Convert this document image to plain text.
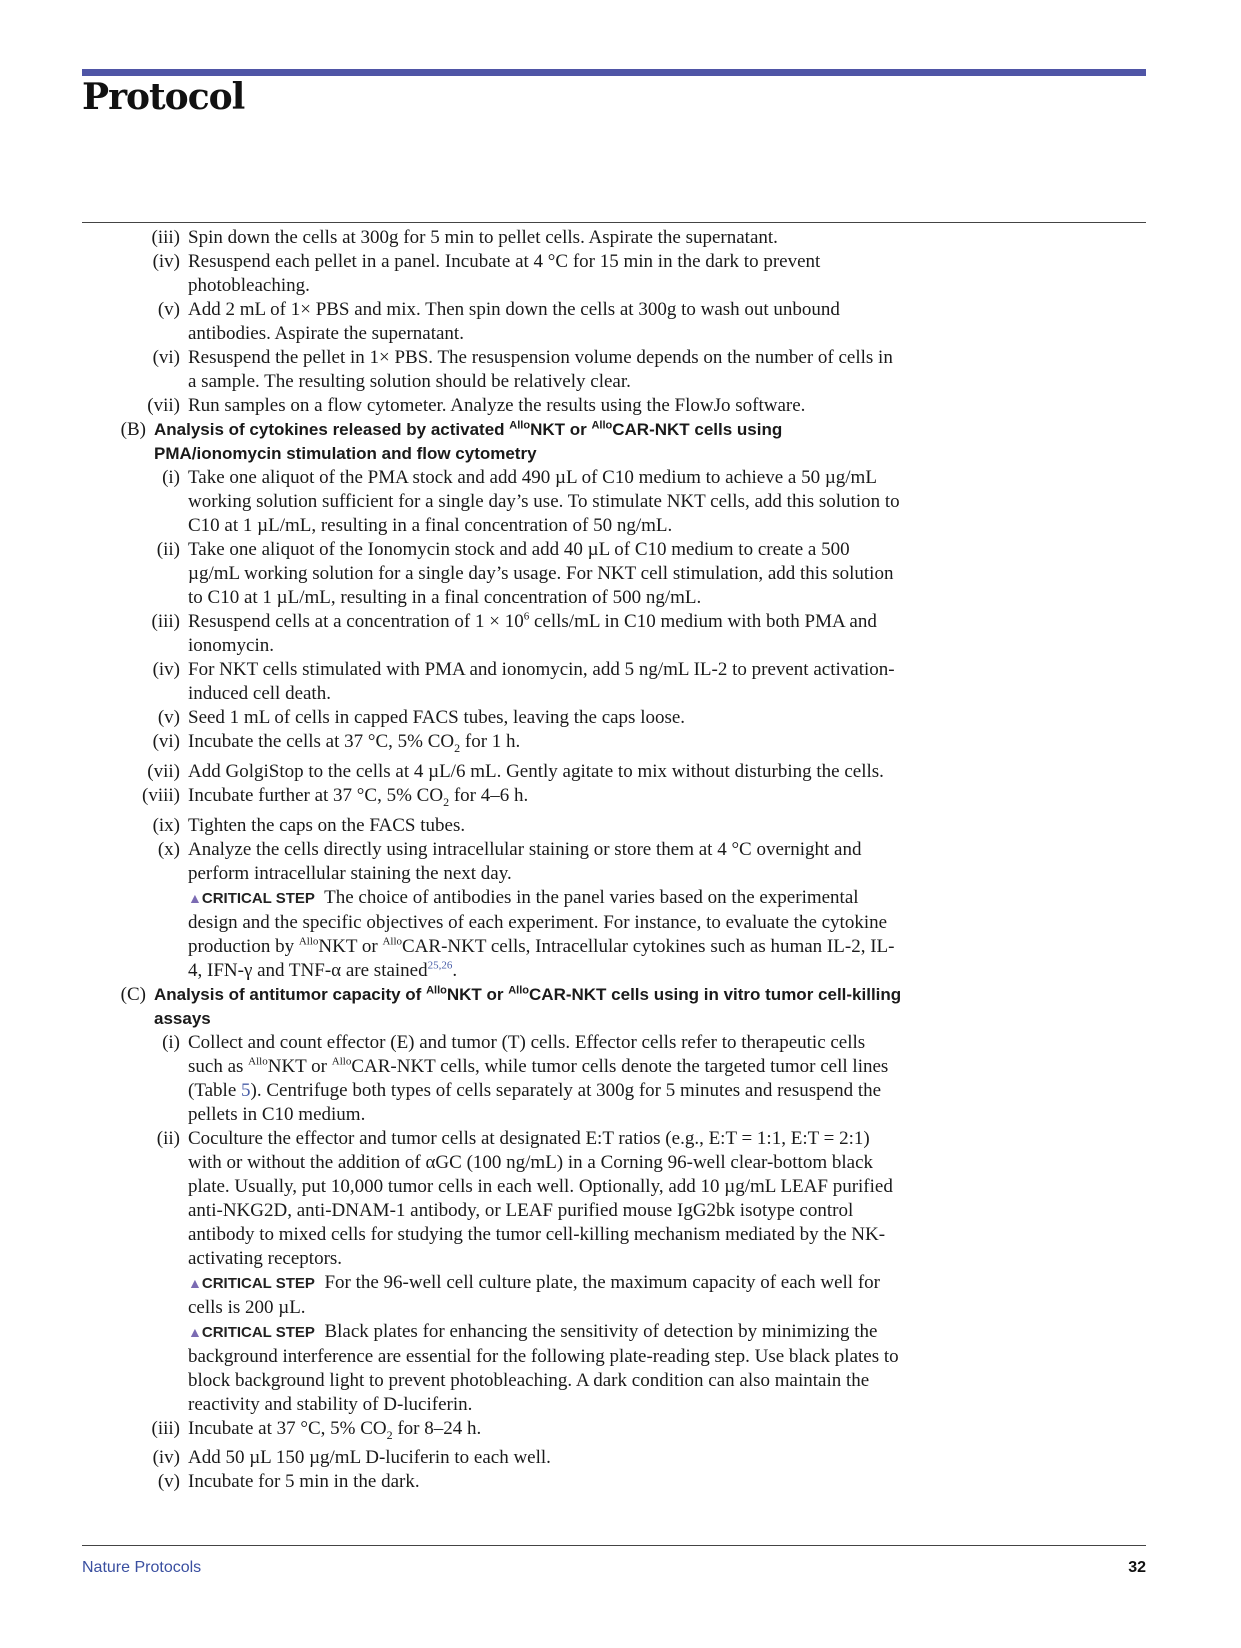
Protocol
(iii) Spin down the cells at 300g for 5 min to pellet cells. Aspirate the supernatant.
(iv) Resuspend each pellet in a panel. Incubate at 4 °C for 15 min in the dark to prevent photobleaching.
(v) Add 2 mL of 1× PBS and mix. Then spin down the cells at 300g to wash out unbound antibodies. Aspirate the supernatant.
(vi) Resuspend the pellet in 1× PBS. The resuspension volume depends on the number of cells in a sample. The resulting solution should be relatively clear.
(vii) Run samples on a flow cytometer. Analyze the results using the FlowJo software.
(B) Analysis of cytokines released by activated $^{Allo}$NKT or $^{Allo}$CAR-NKT cells using PMA/ionomycin stimulation and flow cytometry
(i) Take one aliquot of the PMA stock and add 490 µL of C10 medium to achieve a 50 µg/mL working solution sufficient for a single day’s use. To stimulate NKT cells, add this solution to C10 at 1 µL/mL, resulting in a final concentration of 50 ng/mL.
(ii) Take one aliquot of the Ionomycin stock and add 40 µL of C10 medium to create a 500 µg/mL working solution for a single day’s usage. For NKT cell stimulation, add this solution to C10 at 1 µL/mL, resulting in a final concentration of 500 ng/mL.
(iii) Resuspend cells at a concentration of $1 \times 10^6$ cells/mL in C10 medium with both PMA and ionomycin.
(iv) For NKT cells stimulated with PMA and ionomycin, add 5 ng/mL IL-2 to prevent activation-induced cell death.
(v) Seed 1 mL of cells in capped FACS tubes, leaving the caps loose.
(vi) Incubate the cells at 37 °C, 5% $CO_2$ for 1 h.
(vii) Add GolgiStop to the cells at 4 µL/6 mL. Gently agitate to mix without disturbing the cells.
(viii) Incubate further at 37 °C, 5% $CO_2$ for 4–6 h.
(ix) Tighten the caps on the FACS tubes.
(x) Analyze the cells directly using intracellular staining or store them at 4 °C overnight and perform intracellular staining the next day.
▲CRITICAL STEP The choice of antibodies in the panel varies based on the experimental design and the specific objectives of each experiment. For instance, to evaluate the cytokine production by $^{Allo}$NKT or $^{Allo}$CAR-NKT cells, Intracellular cytokines such as human IL-2, IL-4, IFN-γ and TNF-α are stained$^{25,26}$.
(C) Analysis of antitumor capacity of $^{Allo}$NKT or $^{Allo}$CAR-NKT cells using in vitro tumor cell-killing assays
(i) Collect and count effector (E) and tumor (T) cells. Effector cells refer to therapeutic cells such as $^{Allo}$NKT or $^{Allo}$CAR-NKT cells, while tumor cells denote the targeted tumor cell lines (Table 5). Centrifuge both types of cells separately at 300g for 5 minutes and resuspend the pellets in C10 medium.
(ii) Coculture the effector and tumor cells at designated E:T ratios (e.g., E:T = 1:1, E:T = 2:1) with or without the addition of αGC (100 ng/mL) in a Corning 96-well clear-bottom black plate. Usually, put 10,000 tumor cells in each well. Optionally, add 10 µg/mL LEAF purified anti-NKG2D, anti-DNAM-1 antibody, or LEAF purified mouse IgG2bk isotype control antibody to mixed cells for studying the tumor cell-killing mechanism mediated by the NK-activating receptors.
▲CRITICAL STEP For the 96-well cell culture plate, the maximum capacity of each well for cells is 200 µL.
▲CRITICAL STEP Black plates for enhancing the sensitivity of detection by minimizing the background interference are essential for the following plate-reading step. Use black plates to block background light to prevent photobleaching. A dark condition can also maintain the reactivity and stability of D-luciferin.
(iii) Incubate at 37 °C, 5% $CO_2$ for 8–24 h.
(iv) Add 50 µL 150 µg/mL D-luciferin to each well.
(v) Incubate for 5 min in the dark.
Nature Protocols	32
